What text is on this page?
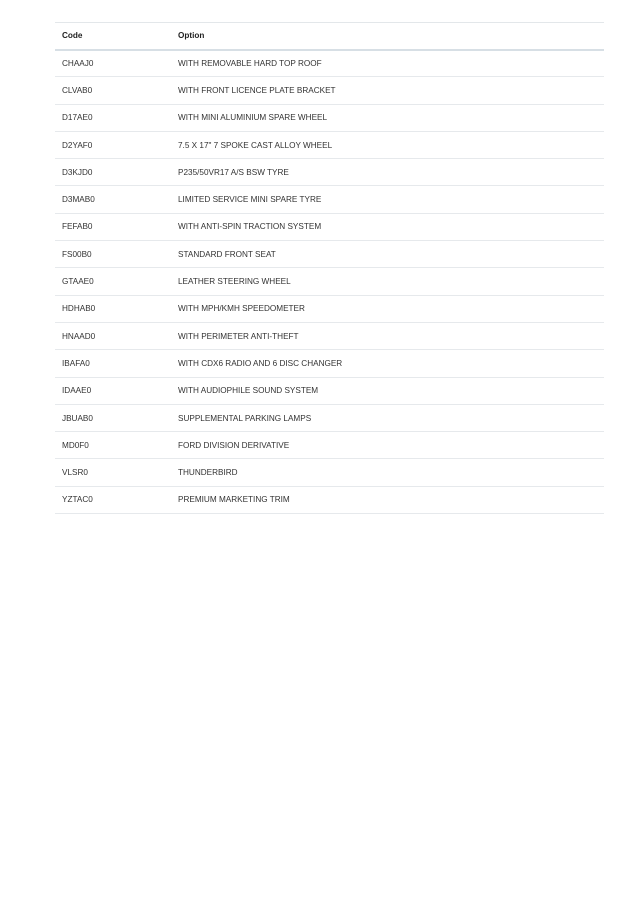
Code	Option
CHAAJ0	WITH REMOVABLE HARD TOP ROOF
CLVAB0	WITH FRONT LICENCE PLATE BRACKET
D17AE0	WITH MINI ALUMINIUM SPARE WHEEL
D2YAF0	7.5 X 17" 7 SPOKE CAST ALLOY WHEEL
D3KJD0	P235/50VR17 A/S BSW TYRE
D3MAB0	LIMITED SERVICE MINI SPARE TYRE
FEFAB0	WITH ANTI-SPIN TRACTION SYSTEM
FS00B0	STANDARD FRONT SEAT
GTAAE0	LEATHER STEERING WHEEL
HDHAB0	WITH MPH/KMH SPEEDOMETER
HNAAD0	WITH PERIMETER ANTI-THEFT
IBAFA0	WITH CDX6 RADIO AND 6 DISC CHANGER
IDAAE0	WITH AUDIOPHILE SOUND SYSTEM
JBUAB0	SUPPLEMENTAL PARKING LAMPS
MD0F0	FORD DIVISION DERIVATIVE
VLSR0	THUNDERBIRD
YZTAC0	PREMIUM MARKETING TRIM
